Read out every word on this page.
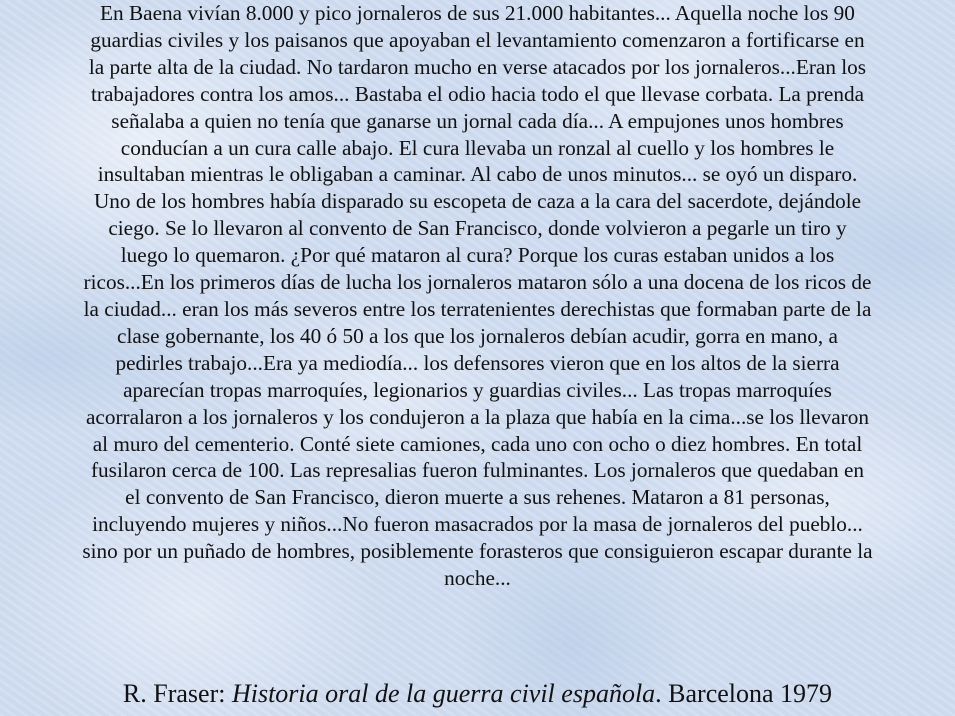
En Baena vivían 8.000 y pico jornaleros de sus 21.000 habitantes... Aquella noche los 90
guardias civiles y los paisanos que apoyaban el levantamiento comenzaron a fortificarse en
la parte alta de la ciudad. No tardaron mucho en verse atacados por los jornaleros...Eran los
trabajadores contra los amos... Bastaba el odio hacia todo el que llevase corbata. La prenda
señalaba a quien no tenía que ganarse un jornal cada día... A empujones unos hombres
conducían a un cura calle abajo. El cura llevaba un ronzal al cuello y los hombres le
insultaban mientras le obligaban a caminar. Al cabo de unos minutos... se oyó un disparo.
Uno de los hombres había disparado su escopeta de caza a la cara del sacerdote, dejándole
ciego. Se lo llevaron al convento de San Francisco, donde volvieron a pegarle un tiro y
luego lo quemaron. ¿Por qué mataron al cura? Porque los curas estaban unidos a los
ricos...En los primeros días de lucha los jornaleros mataron sólo a una docena de los ricos de
la ciudad... eran los más severos entre los terratenientes derechistas que formaban parte de la
clase gobernante, los 40 ó 50 a los que los jornaleros debían acudir, gorra en mano, a
pedirles trabajo...Era ya mediodía... los defensores vieron que en los altos de la sierra
aparecían tropas marroquíes, legionarios y guardias civiles... Las tropas marroquíes
acorralaron a los jornaleros y los condujeron a la plaza que había en la cima...se los llevaron
al muro del cementerio. Conté siete camiones, cada uno con ocho o diez hombres. En total
fusilaron cerca de 100. Las represalias fueron fulminantes. Los jornaleros que quedaban en
el convento de San Francisco, dieron muerte a sus rehenes. Mataron a 81 personas,
incluyendo mujeres y niños...No fueron masacrados por la masa de jornaleros del pueblo...
sino por un puñado de hombres, posiblemente forasteros que consiguieron escapar durante la
noche...
R. Fraser: Historia oral de la guerra civil española. Barcelona 1979
